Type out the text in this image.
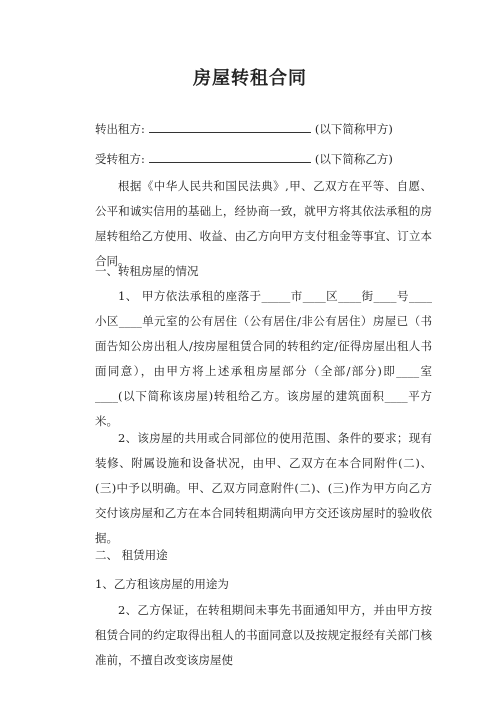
房屋转租合同
转出租方:	(以下简称甲方)
受转租方:	(以下简称乙方)

根据《中华人民共和国民法典》,甲、乙双方在平等、自愿、公平和诚实信用的基础上，经协商一致，就甲方将其依法承租的房屋转租给乙方使用、收益、由乙方向甲方支付租金等事宜、订立本合同。

一、转租房屋的情况

1、 甲方依法承租的座落于_____市____区____街____号____小区____单元室的公有居住（公有居住/非公有居住）房屋已（书面告知公房出租人/按房屋租赁合同的转租约定/征得房屋出租人书面同意），由甲方将上述承租房屋部分（全部/部分)即____室____(以下简称该房屋)转租给乙方。该房屋的建筑面积____平方米。

2、该房屋的共用或合同部位的使用范围、条件的要求；现有装修、附属设施和设备状况，由甲、乙双方在本合同附件(二)、(三)中予以明确。甲、乙双方同意附件(二)、(三)作为甲方向乙方交付该房屋和乙方在本合同转租期满向甲方交还该房屋时的验收依据。

二、 租赁用途
1、乙方租该房屋的用途为

2、乙方保证，在转租期间未事先书面通知甲方，并由甲方按租赁合同的约定取得出租人的书面同意以及按规定报经有关部门核准前，不擅自改变该房屋使
